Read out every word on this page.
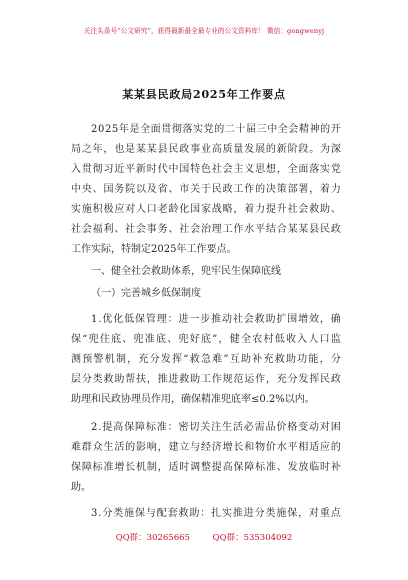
关注头条号“公文研究”，获得最新最全最专业的公文资料库！ 微信：gongwenyj
某某县民政局2025年工作要点
2 0 2 5 年 是 全 面 贯 彻 落 实 党 的 二 十 届 三 中 全 会 精 神 的 开
局 之 年 ， 也 是 某 某 县 民 政 事 业 高 质 量 发 展 的 新 阶 段 。 为 深
入 贯 彻 习 近 平 新 时 代 中 国 特 色 社 会 主 义 思 想 ， 全 面 落 实 党
中 央 、 国 务 院 以 及 省 、 市 关 于 民 政 工 作 的 决 策 部 署 ， 着 力
实 施 积 极 应 对 人 口 老 龄 化 国 家 战 略 ， 着 力 提 升 社 会 救 助 、
社 会 福 利 、 社 会 事 务 、 社 会 治 理 工 作 水 平 结 合 某 某 县 民 政
工作实际，特制定2025年工作要点。
一、健全社会救助体系，兜牢民生保障底线
（一）完善城乡低保制度
1 . 优 化 低 保 管 理 ： 进 一 步 推 动 社 会 救 助 扩 围 增 效 ， 确
保 “ 兜 住 底 、 兜 准 底 、 兜 好 底 ” ， 健 全 农 村 低 收 入 人 口 监
测 预 警 机 制 ， 充 分 发 挥 “ 救 急 难 ” 互 助 补 充 救 助 功 能 ， 分
层 分 类 救 助 帮 扶 ， 推 进 救 助 工 作 规 范 运 作 ， 充 分 发 挥 民 政
助理和民政协理员作用，确保精准兜底率≤0.2%以内。
2 . 提 高 保 障 标 准 ： 密 切 关 注 生 活 必 需 品 价 格 变 动 对 困
难 群 众 生 活 的 影 响 ， 建 立 与 经 济 增 长 和 物 价 水 平 相 适 应 的
保 障 标 准 增 长 机 制 ， 适 时 调 整 提 高 保 障 标 准 、 发 放 临 时 补
助。
3 . 分 类 施 保 与 配 套 救 助 ： 扎 实 推 进 分 类 施 保 ， 对 重 点
QQ群：30265665	QQ群：535304092
